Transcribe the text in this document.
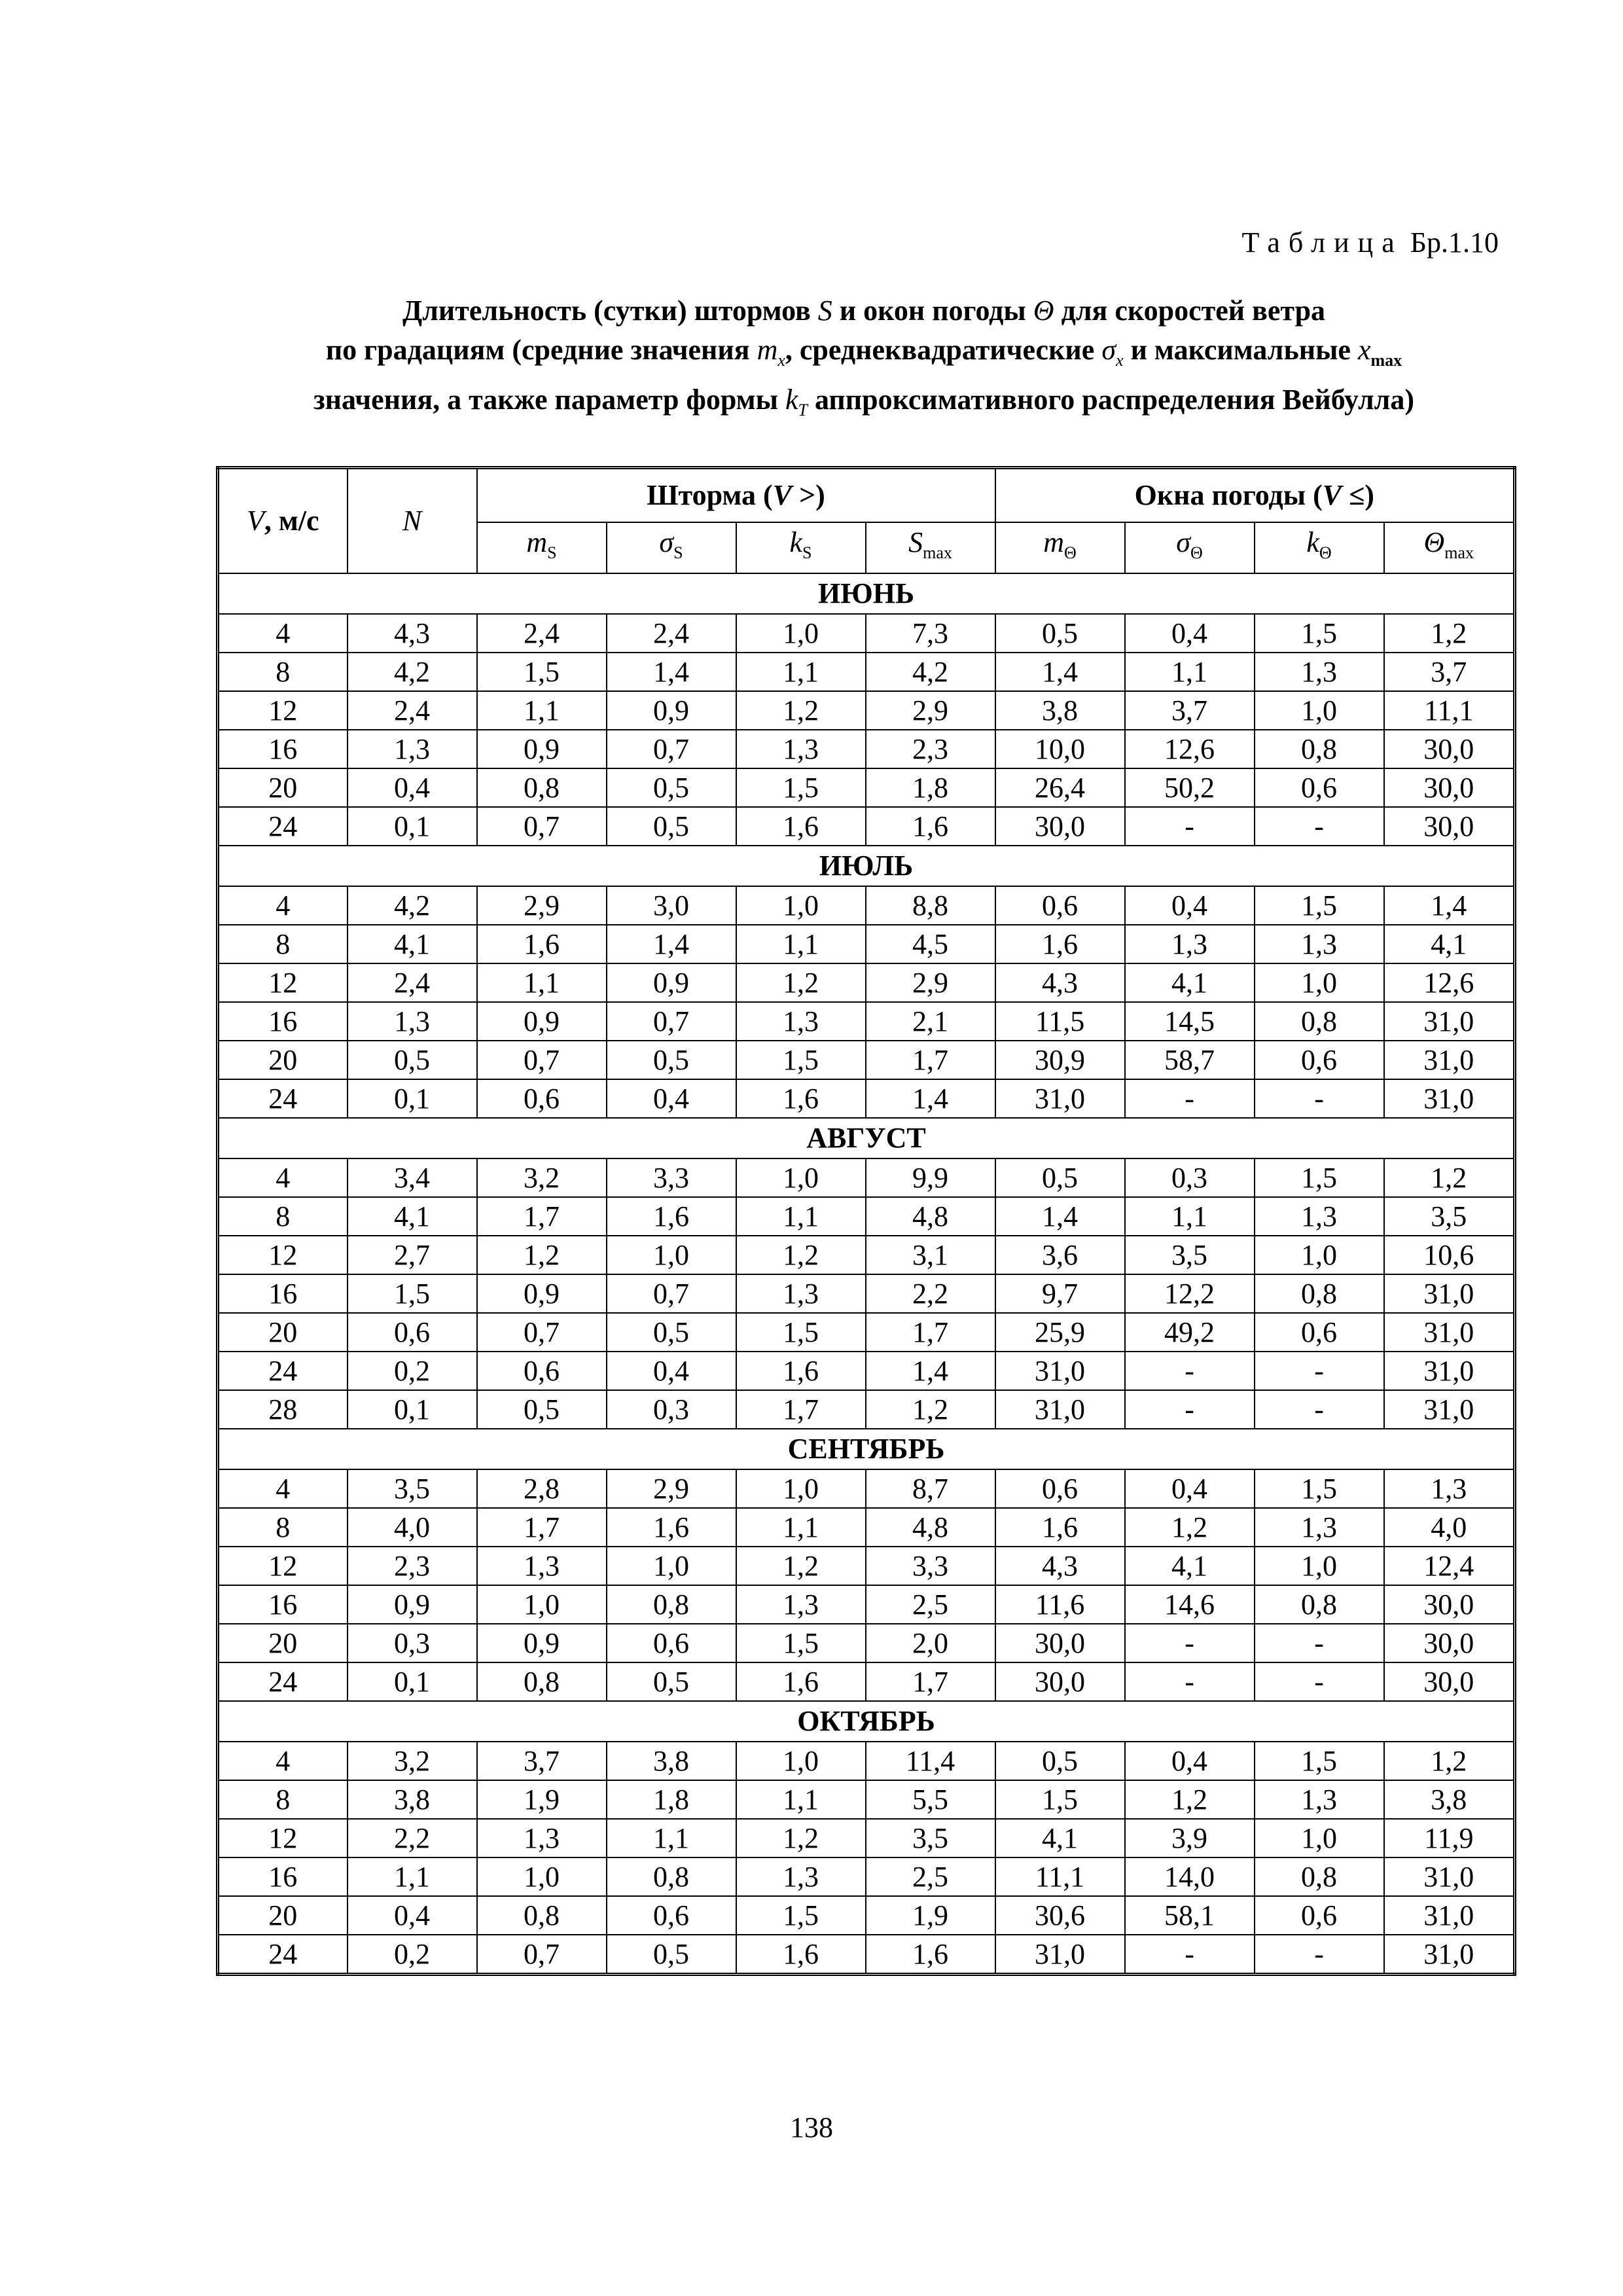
Таблица Бр.1.10
Длительность (сутки) штормов S и окон погоды Θ для скоростей ветра
по градациям (средние значения $m_x$, среднеквадратические $\sigma_x$ и максимальные $x_{max}$
значения, а также параметр формы $k_T$ аппроксимативного распределения Вейбулла)
V, м/с	N	Шторма (V >)				Окна погоды (V ≤)			
		$m_S$	$\sigma_S$	$k_S$	$S_{max}$	$m_\Theta$	$\sigma_\Theta$	$k_\Theta$	$\Theta_{max}$
ИЮНЬ									
4	4,3	2,4	2,4	1,0	7,3	0,5	0,4	1,5	1,2
8	4,2	1,5	1,4	1,1	4,2	1,4	1,1	1,3	3,7
12	2,4	1,1	0,9	1,2	2,9	3,8	3,7	1,0	11,1
16	1,3	0,9	0,7	1,3	2,3	10,0	12,6	0,8	30,0
20	0,4	0,8	0,5	1,5	1,8	26,4	50,2	0,6	30,0
24	0,1	0,7	0,5	1,6	1,6	30,0	-	-	30,0
ИЮЛЬ									
4	4,2	2,9	3,0	1,0	8,8	0,6	0,4	1,5	1,4
8	4,1	1,6	1,4	1,1	4,5	1,6	1,3	1,3	4,1
12	2,4	1,1	0,9	1,2	2,9	4,3	4,1	1,0	12,6
16	1,3	0,9	0,7	1,3	2,1	11,5	14,5	0,8	31,0
20	0,5	0,7	0,5	1,5	1,7	30,9	58,7	0,6	31,0
24	0,1	0,6	0,4	1,6	1,4	31,0	-	-	31,0
АВГУСТ									
4	3,4	3,2	3,3	1,0	9,9	0,5	0,3	1,5	1,2
8	4,1	1,7	1,6	1,1	4,8	1,4	1,1	1,3	3,5
12	2,7	1,2	1,0	1,2	3,1	3,6	3,5	1,0	10,6
16	1,5	0,9	0,7	1,3	2,2	9,7	12,2	0,8	31,0
20	0,6	0,7	0,5	1,5	1,7	25,9	49,2	0,6	31,0
24	0,2	0,6	0,4	1,6	1,4	31,0	-	-	31,0
28	0,1	0,5	0,3	1,7	1,2	31,0	-	-	31,0
СЕНТЯБРЬ									
4	3,5	2,8	2,9	1,0	8,7	0,6	0,4	1,5	1,3
8	4,0	1,7	1,6	1,1	4,8	1,6	1,2	1,3	4,0
12	2,3	1,3	1,0	1,2	3,3	4,3	4,1	1,0	12,4
16	0,9	1,0	0,8	1,3	2,5	11,6	14,6	0,8	30,0
20	0,3	0,9	0,6	1,5	2,0	30,0	-	-	30,0
24	0,1	0,8	0,5	1,6	1,7	30,0	-	-	30,0
ОКТЯБРЬ									
4	3,2	3,7	3,8	1,0	11,4	0,5	0,4	1,5	1,2
8	3,8	1,9	1,8	1,1	5,5	1,5	1,2	1,3	3,8
12	2,2	1,3	1,1	1,2	3,5	4,1	3,9	1,0	11,9
16	1,1	1,0	0,8	1,3	2,5	11,1	14,0	0,8	31,0
20	0,4	0,8	0,6	1,5	1,9	30,6	58,1	0,6	31,0
24	0,2	0,7	0,5	1,6	1,6	31,0	-	-	31,0
138
